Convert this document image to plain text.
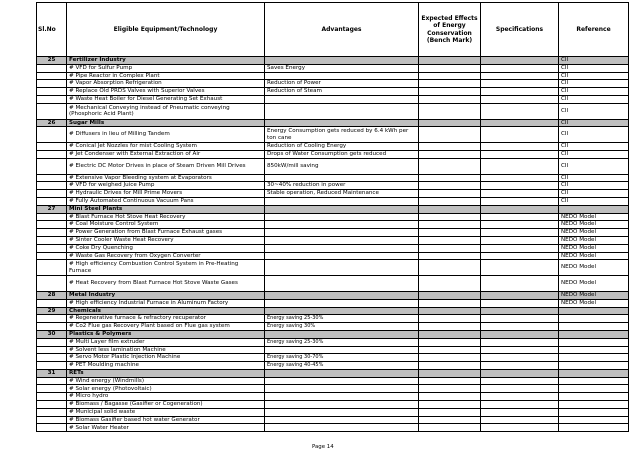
Sl.No	Eligible Equipment/Technology	Advantages	Expected Effects of Energy Conservation (Bench Mark)	Specifications	Reference
25	Fertilizer Industry				CII
	# VFD for Sulfur Pump	Saves Energy			CII
	# Pipe Reactor in Complex Plant				CII
	# Vapor Absorption Refrigeration	Reduction of Power			CII
	# Replace Old PRDS Valves with Superior Valves	Reduction of Steam			CII
	# Waste Heat Boiler for Diesel Generating Set Exhaust				CII
	# Mechanical Conveying instead of Pneumatic conveying (Phosphoric Acid Plant)				CII
26	Sugar Mills				CII
	# Diffusers in lieu of Milling Tandem	Energy Consumption gets reduced by 6.4 kWh per ton cane			CII
	# Conical Jet Nozzles for mist Cooling System	Reduction of Cooling Energy			CII
	# Jet Condenser with External Extraction of Air	Drops of Water Consumption gets reduced			CII
	# Electric DC Motor Drives in place of Steam Driven Mill Drives	850kW/mill saving			CII
	# Extensive Vapor Bleeding system at Evaporators				CII
	# VFD for weighed Juice Pump	30~40% reduction in power			CII
	# Hydraulic Drives for Mill Prime Movers	Stable operation, Reduced Maintenance			CII
	# Fully Automated Continuous Vacuum Pans				CII
27	Mini Steel Plants				
	# Blast Furnace Hot Stove Heat Recovery				NEDO Model
	# Coal Moisture Control System				NEDO Model
	# Power Generation from Blast Furnace Exhaust gases				NEDO Model
	# Sinter Cooler Waste Heat Recovery				NEDO Model
	# Coke Dry Quenching				NEDO Model
	# Waste Gas Recovery from Oxygen Converter				NEDO Model
	# High efficiency Combustion Control System in Pre-Heating Furnace				NEDO Model
	# Heat Recovery from Blast Furnace Hot Stove Waste Gases				NEDO Model
28	Metal Industry				NEDO Model
	# High efficiency Industrial Furnace in Aluminum Factory				NEDO Model
29	Chemicals				
	# Regenerative furnace & refractory recuperator	Energy saving 25-30%			
	# Co2 Flue gas Recovery Plant based on Flue gas system	Energy saving 30%			
30	Plastics & Polymers				
	# Multi Layer film extruder	Energy saving 25-30%			
	# Solvent less lamination Machine				
	# Servo Motor Plastic Injection Machine	Energy saving 30-70%			
	# PET Moulding machine	Energy saving 40-45%			
31	RETs				
	# Wind energy (Windmills)				
	# Solar energy (Photovoltaic)				
	# Micro hydro				
	# Biomass / Bagasse (Gasifier or Cogeneration)				
	# Municipal solid waste				
	# Biomass Gasifier based hot water Generator				
	# Solar Water Heater				
Page 14
